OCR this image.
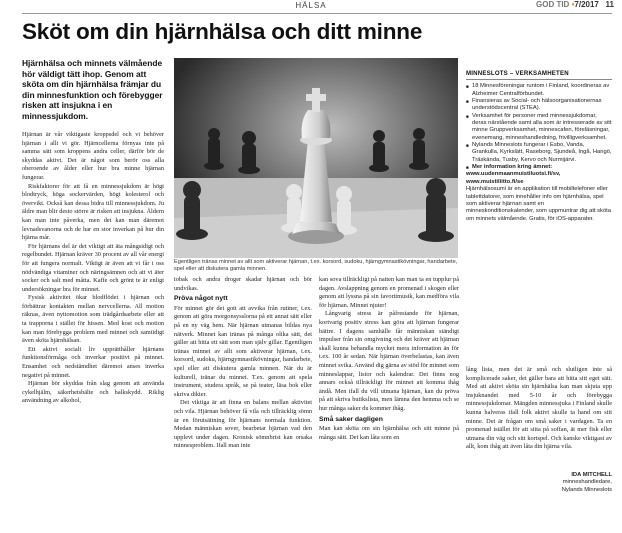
HÄLSA	GOD TID •7/2017 11
Sköt om din hjärnhälsa och ditt minne
Hjärnhälsa och minnets välmående hör väldigt tätt ihop. Genom att sköta om din hjärnhälsa främjar du din minnesfunktion och förebygger risken att insjukna i en minnessjukdom.

Hjärnan är vår viktigaste kroppsdel och vi behöver hjärnan i allt vi gör. Hjärncellerna förnyas inte på samma sätt som kroppens andra celler, därför bör de skyddas aktivt. Det är något som berör oss alla oberoende av ålder eller hur bra minne hjärnan fungerar.

Riskfaktorer för att få en minnessjukdom är högt blodtryck, höga sockervärden, högt kolesterol och övervikt. Också kan dessa bidra till minnessjukdom. Ju äldre man blir desto större är risken att insjukna. Åldern kan man inte påverka, men det kan man däremot levnadsvanorna och de har en stor inverkan på hur din hjärna mår.

För hjärnans del är det viktigt att äta mångsidigt och regelbundet. Hjärnan kräver 30 procent av all vår energi för att fungera normalt. Viktigt är även att vi får i oss nödvändiga vitaminer och näringsämnen och att vi äter socker och salt med måtta. Kaffe och grönt te är enligt undersökningar bra för minnet.

Fysisk aktivitet ökar blodflödet i hjärnan och förbättrar kontakten mellan nervcellerna. All motion räknas, även nyttomotion som trädgårdsarbete eller att ta trapporna i stället för hissen. Med kost och motion kan man förebygga problem med minnet och samtidigt även sköta hjärnhälsan.

Ett aktivt socialt liv upprätthåller hjärnans funktionsförmåga och inverkar positivt på minnet. Ensamhet och nedstämdhet däremot anses inverka negativt på minnet.

Hjärnan bör skyddas från slag genom att använda cykelhjälm, säkerhetsbälte och halkskydd. Riklig användning av alkohol,

Egentligen tränas minnet av allt som aktiverar hjärnan, t.ex. korsord, sudoku, hjärngymnastikövningar, handarbete, spel eller att diskutera gamla minnen.

tobak och andra droger skadar hjärnan och bör undvikas.

Pröva något nytt

För minnet gör det gott att avvika från rutiner, t.ex. genom att göra morgonsysslorna på ett annat sätt eller på en ny väg hem. När hjärnan utmanas bildas nya nätverk. Minnet kan tränas på många olika sätt, det gäller att hitta ett sätt som man själv gillar. Egentligen tränas minnet av allt som aktiverar hjärnan, t.ex. korsord, sudoku, hjärngymnastikövningar, handarbete, spel eller att diskutera gamla minnen. När du är kulturell, tränar du minnet. T.ex. genom att spela instrument, studera språk, se på teater, läsa bok eller skriva dikter.

Det viktiga är att finna en balans mellan aktivitet och vila. Hjärnan behöver få vila och tillräcklig sömn är en förutsättning för hjärnans normala funktion. Medan människan sover, bearbetar hjärnan vad den upplevt under dagen. Kronisk sömnbrist kan orsaka minnesproblem. Ifall man inte

kan sova tillräckligt på natten kan man ta en tupplur på dagen. Avslappning genom en promenad i skogen eller genom att lyssna på sin favoritmusik, kan medföra vila för hjärnan. Minnet njuter!

Långvarig stress är påfrestande för hjärnan, kortvarig positiv stress kan göra att hjärnan fungerar bättre. I dagens samhälle får människan ständigt impulser från sin omgivning och det kräver att hjärnan skall kunna behandla mycket mera information än för t.ex. 100 år sedan. När hjärnan överbelastas, kan även minnet svika. Använd dig gärna av stöd för minnet som minneslappar, listor och kalendrar. Det finns nog annars också tillräckligt för minnet att komma ihåg ändå. Men ifall du vill utmana hjärnan, kan du pröva på att skriva butikslista, men lämna den hemma och se hur många saker du kommer ihåg.

Små saker dagligen

Man kan sköta om sin hjärnhälsa och sitt minne på många sätt. Det kan låta som en

MINNESLOTS – VERKSAMHETEN
■ 18 Minnesföreningar runtom i Finland, koordineras av Alzheimer Centralförbundet.
■ Finansieras av Social- och hälsoorganisationernas understödscentral (STEA).
■ Verksamhet för personer med minnessjukdomar, deras närstående samt alla som är intresserade av sitt minne Gruppverksamhet, minnescafen, föreläsningar, evenemang, minneshandledning, frivilligverksamhet.
■ Nylands Minneslots fungerar i Esbo, Vanda, Grankulla, Kyrkslätt, Raseborg, Sjundeå, Ingå, Hangö, Träskända, Tusby, Kervo och Nurmijärvi.
■ Mer information kring ämnet:
www.uudenmaanmuistiluotsi.fi/sv,
www.muistiliitto.fi/se
Hjärnhälsosumi är en applikation till mobiltelefoner eller tablettdatorer, som innehåller info om hjärnhälsa, spel som aktiverar hjärnan samt en minneskonditionskalender, som uppmuntrar dig att sköta om minnets välmående. Gratis, för iOS-apparater.

lång lista, men det är små och slutligen inte så komplicerade saker, det gäller bara att hitta sitt eget sätt. Med att aktivt sköta sin hjärnhälsa kan man skjuta upp insjuknandet med 5-10 år och förebygga minnessjukdomar. Mängden minnessjuka i Finland skulle kunna halveras ifall folk aktivt skulle ta hand om sitt minne. Det är frågan om små saker i vardagen. Ta en promenad istället för att sitta på soffan, ät mer fisk eller utmana din väg och sitt kortspel. Och kanske viktigast av allt, kom ihåg att även låta din hjärna vila.

IDA MITCHELL
minneshandledare,
Nylands Minneslots
